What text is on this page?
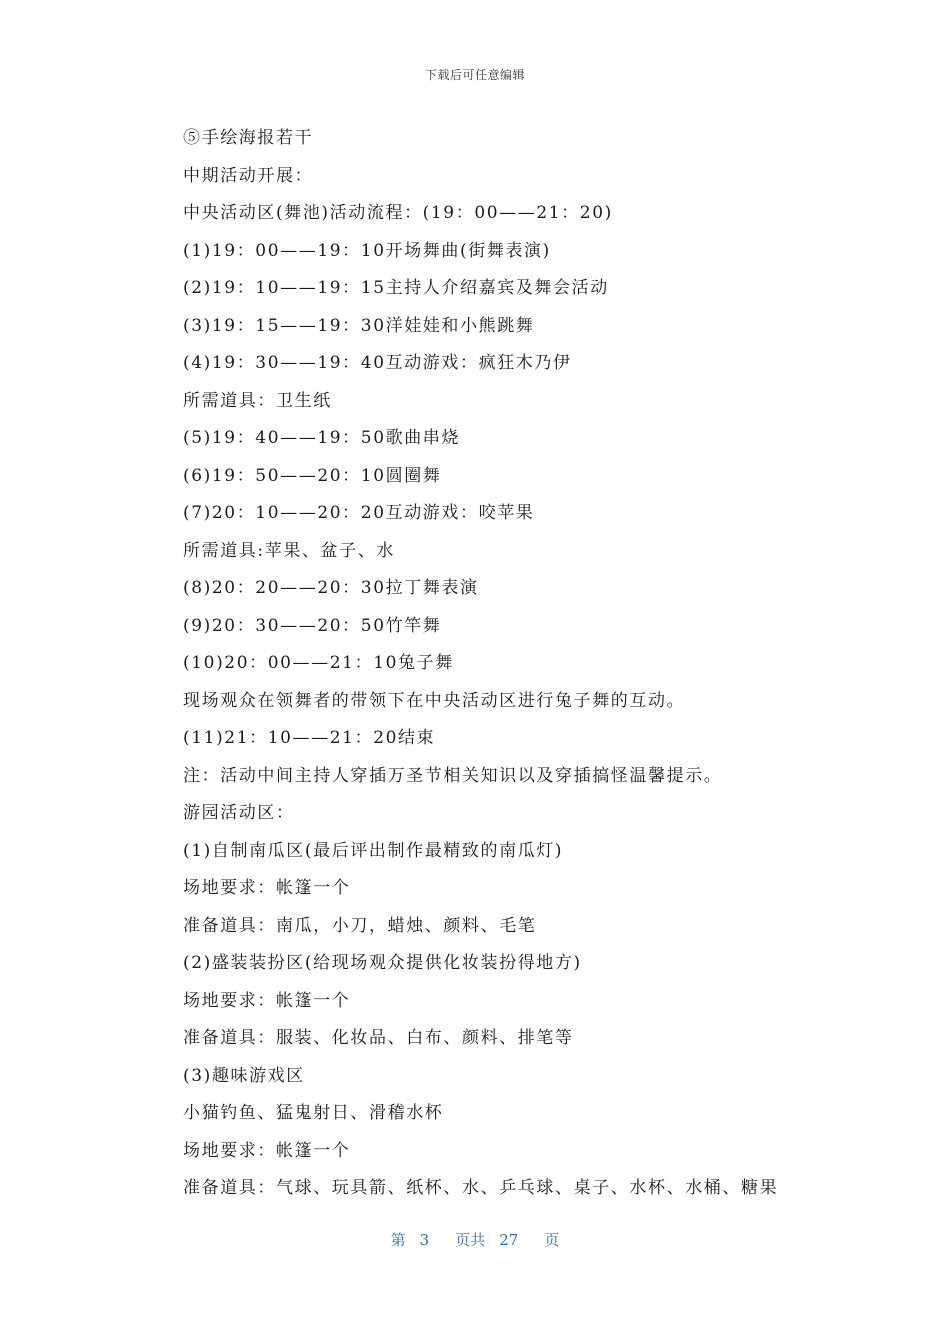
下载后可任意编辑
⑤手绘海报若干
中期活动开展：
中央活动区(舞池)活动流程：(19：00——21：20)
(1)19：00——19：10开场舞曲(街舞表演)
(2)19：10——19：15主持人介绍嘉宾及舞会活动
(3)19：15——19：30洋娃娃和小熊跳舞
(4)19：30——19：40互动游戏：疯狂木乃伊
所需道具：卫生纸
(5)19：40——19：50歌曲串烧
(6)19：50——20：10圆圈舞
(7)20：10——20：20互动游戏：咬苹果
所需道具:苹果、盆子、水
(8)20：20——20：30拉丁舞表演
(9)20：30——20：50竹竿舞
(10)20：00——21：10兔子舞
现场观众在领舞者的带领下在中央活动区进行兔子舞的互动。
(11)21：10——21：20结束
注：活动中间主持人穿插万圣节相关知识以及穿插搞怪温馨提示。
游园活动区：
(1)自制南瓜区(最后评出制作最精致的南瓜灯)
场地要求：帐篷一个
准备道具：南瓜，小刀，蜡烛、颜料、毛笔
(2)盛装装扮区(给现场观众提供化妆装扮得地方)
场地要求：帐篷一个
准备道具：服装、化妆品、白布、颜料、排笔等
(3)趣味游戏区
小猫钓鱼、猛鬼射日、滑稽水杯
场地要求：帐篷一个
准备道具：气球、玩具箭、纸杯、水、乒乓球、桌子、水杯、水桶、糖果
第 3 页共 27 页
